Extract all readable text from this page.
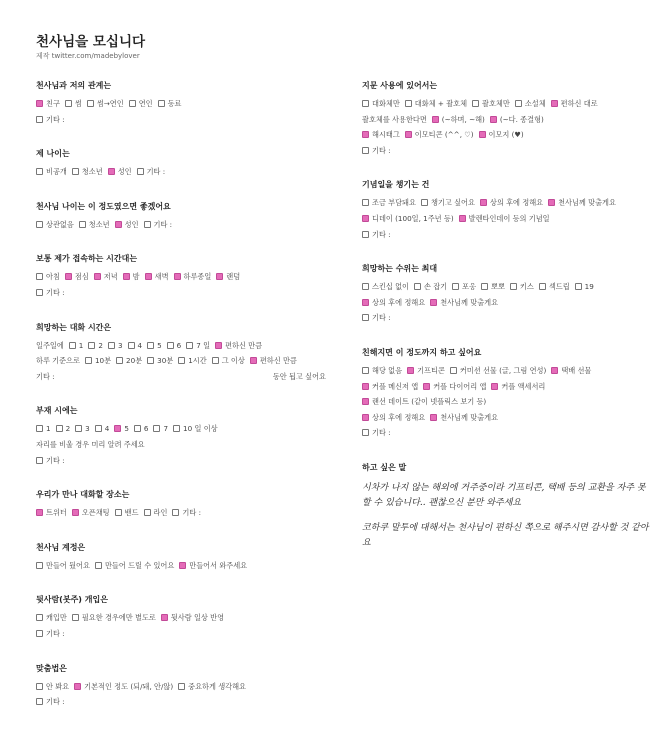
천사님을 모십니다
제작 twitter.com/madebylover
천사님과 저의 관계는
친구 썸 썸→연인 연인 동료
기타 :
제 나이는
비공개 청소년 성인 기타 :
천사님 나이는 이 정도였으면 좋겠어요
상관없음 청소년 성인 기타 :
보통 제가 접속하는 시간대는
아침 점심 저녁 밤 새벽 하루종일 랜덤
기타 :
희망하는 대화 시간은
일주일에 1 2 3 4 5 6 7 일 편하신 만큼
하루 기준으로 10분 20분 30분 1시간 그 이상 편하신 만큼
기타 :	동안 됩고 싶어요
부재 시에는
1 2 3 4 5 6 7 10 일 이상
자리를 비울 경우 미리 알려 주세요
기타 :
우리가 만나 대화할 장소는
트위터 오픈채팅 밴드 라인 기타 :
천사님 계정은
만들어 뒀어요 만들어 드릴 수 있어요 만들어서 와주세요
뒷사람(봇주) 개입은
캐입만 필요한 경우에만 별도로 뒷사람 일상 반영
기타 :
맞춤법은
안 봐요 기본적인 정도 (되/돼, 안/않) 중요하게 생각해요
기타 :
지문 사용에 있어서는
대화체만 대화체 + 괄호체 괄호체만 소설체 편하신 대로
괄호체를 사용한다면 (~하며, ~해) (~다. 종결형)
해시태그 이모티콘 (^^, ♡) 이모지 (♥)
기타 :
기념일을 챙기는 건
조금 부담돼요 챙기고 싶어요 상의 후에 정해요 천사님께 맞출게요
디데이 (100일, 1주년 등) 발렌타인데이 등의 기념일
기타 :
희망하는 수위는 최대
스킨십 없이 손 잡기 포옹 뽀뽀 키스 섹드립 19
상의 후에 정해요 천사님께 맞출게요
기타 :
친해지면 이 정도까지 하고 싶어요
해당 없음 기프티콘 커미션 선물 (글, 그림 연성) 택배 선물
커플 메신저 앱 커플 다이어리 앱 커플 액세서리
랜선 데이트 (같이 넷플릭스 보기 등)
상의 후에 정해요 천사님께 맞출게요
기타 :
하고 싶은 말

시차가 나지 않는 해외에 거주중이라 기프티콘, 택배 등의 교환을 자주 못할 수 있습니다.. 괜찮으신 분만 와주세요

코하쿠 말투에 대해서는 천사님이 편하신 쪽으로 해주시면 감사할 것 같아요
